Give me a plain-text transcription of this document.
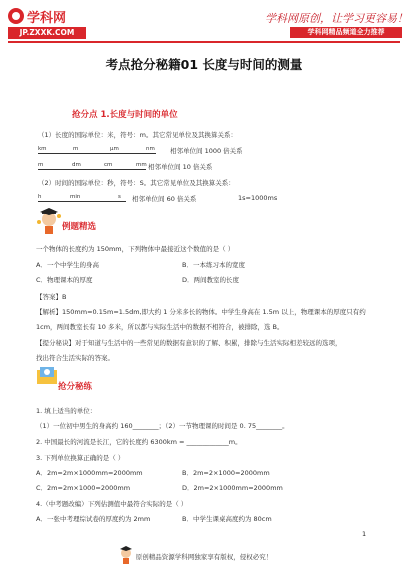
学科网
JP.ZXXK.COM
学科网原创，让学习更容易！
学科网精品频道全力推荐
考点抢分秘籍01 长度与时间的测量
抢分点 1.长度与时间的单位
（1）长度的国际单位：米，符号：m。其它常见单位及其换算关系：
km	m	μm	nm 相邻单位间 1000 倍关系
m	dm	cm	mm 相邻单位间 10 倍关系
（2）时间的国际单位：秒，符号：S。其它常见单位及其换算关系：
h	min	s 相邻单位间 60 倍关系	1s=1000ms
例题精选
一个物体的长度约为 150mm，下列物体中最接近这个数值的是（ ）
A．一个中学生的身高	B．一本练习本的宽度
C．物理课本的厚度	D．两间教室的长度
【答案】B
【解析】150mm=0.15m=1.5dm,即大约 1 分米多长的物体。中学生身高在 1.5m 以上，物理课本的厚度只有约
1cm，两间教室长有 10 多米，所以都与实际生活中的数据不相符合，被排除，选 B。
【提分秘诀】对于知道与生活中的一些常见的数据有意识的了解、积累，排除与生活实际相差较远的选项，
找出符合生活实际的答案。
抢分秘练
1. 填上适当的单位：
（1）一位初中男生的身高约 160________；（2）一节物理课的时间是 0. 75________。
2. 中国最长的河流是长江，它的长度约 6300km = _____________m。
3. 下列单位换算正确的是（ ）
A．2m=2m×1000mm=2000mm	B．2m=2×1000=2000mm
C．2m=2m×1000=2000mm	D．2m=2×1000mm=2000mm
4.（中考题改编）下列估测值中最符合实际的是（ ）
A．一张中考理综试卷的厚度约为 2mm	B．中学生课桌高度约为 80cm
1
原创精品资源学科网独家享有版权，侵权必究！
